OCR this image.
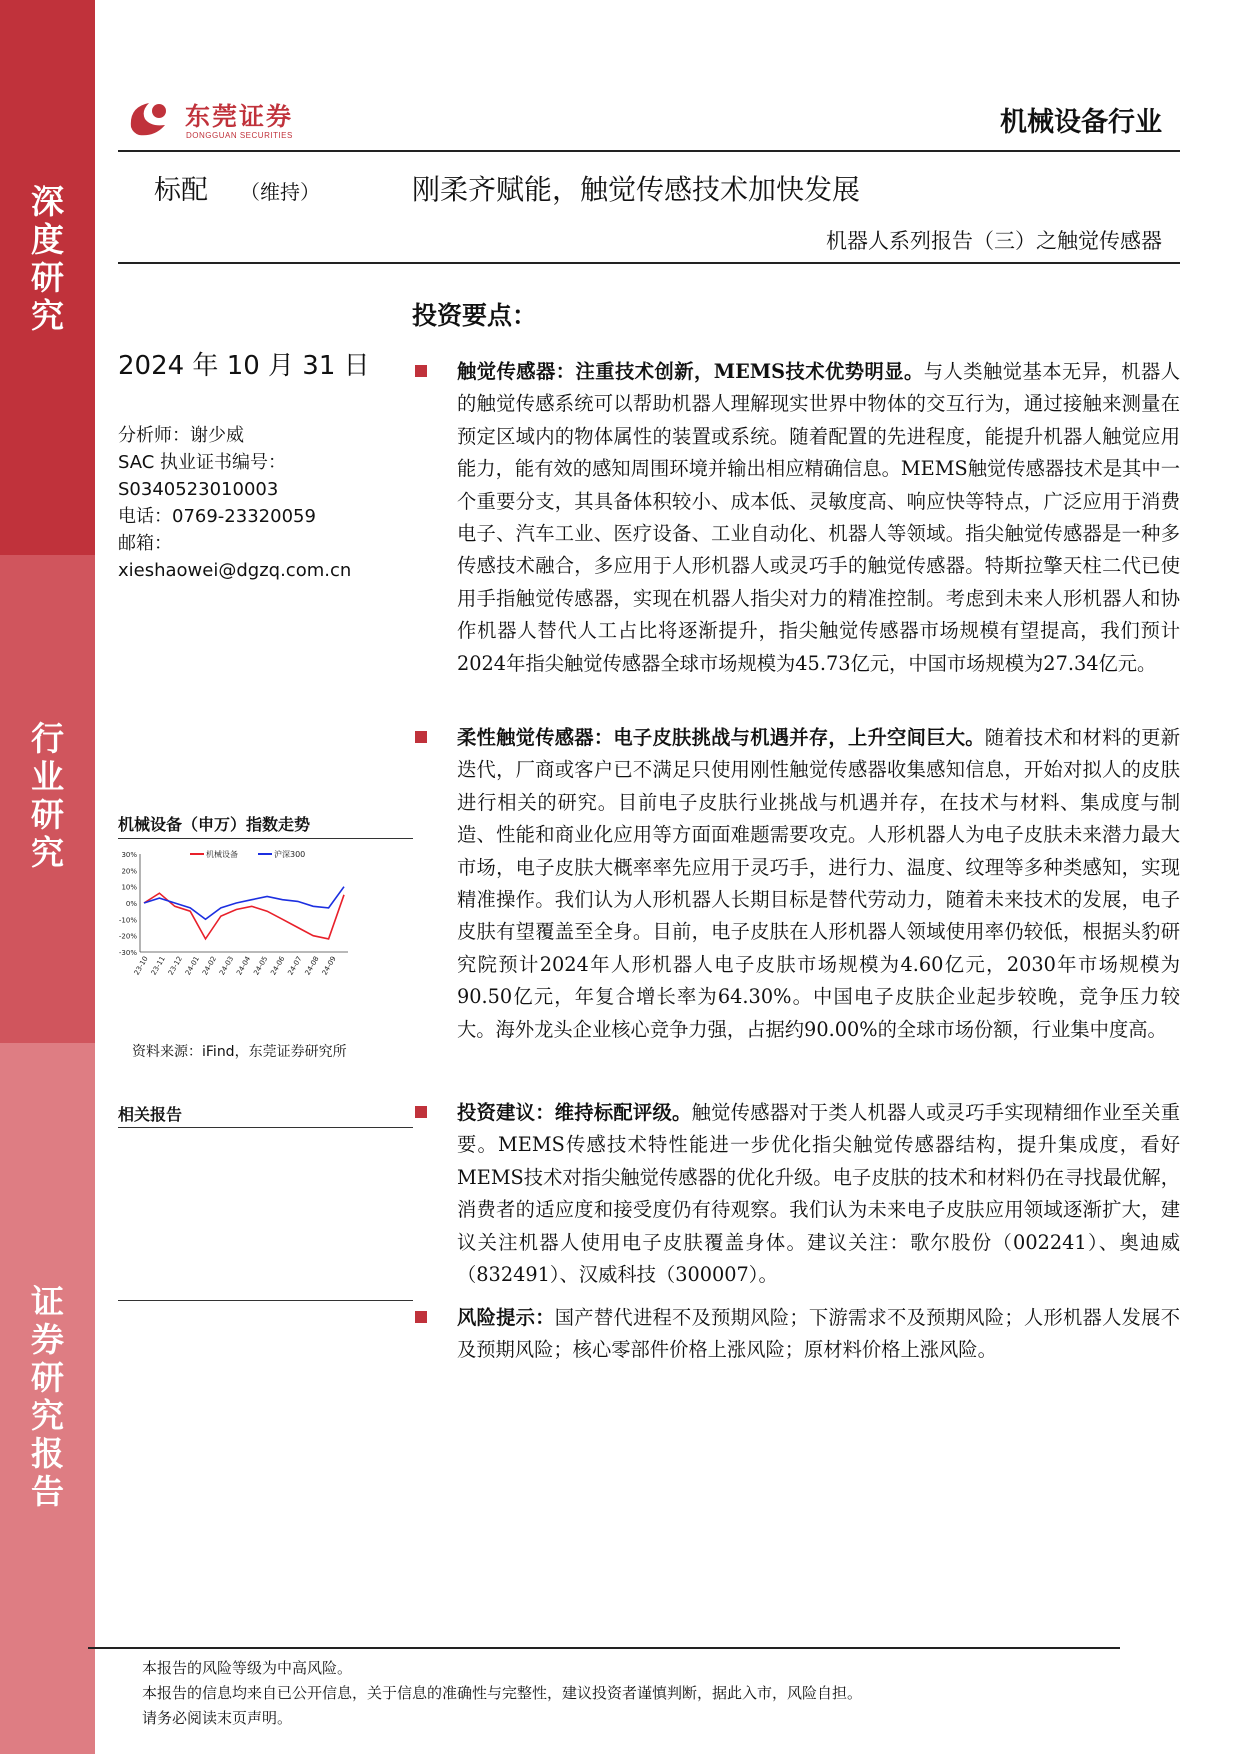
深度研究
行业研究
证券研究报告
东莞证券
DONGGUAN SECURITIES	机械设备行业
标配 （维持）	刚柔齐赋能，触觉传感技术加快发展
机器人系列报告（三）之触觉传感器
2024 年 10 月 31 日
分析师：谢少威
SAC 执业证书编号：
S0340523010003
电话：0769-23320059
邮箱：
xieshaowei@dgzq.com.cn
机械设备（申万）指数走势
30%
20%
10%
0%
-10%
-20%
-30%
23-10 23-11 23-12 24-01 24-02 24-03 24-04 24-05 24-06 24-07 24-08 24-09
机械设备	沪深300
资料来源：iFind，东莞证券研究所
相关报告
投资要点：
触觉传感器：注重技术创新，MEMS技术优势明显。与人类触觉基本无异，机器人的触觉传感系统可以帮助机器人理解现实世界中物体的交互行为，通过接触来测量在预定区域内的物体属性的装置或系统。随着配置的先进程度，能提升机器人触觉应用能力，能有效的感知周围环境并输出相应精确信息。MEMS触觉传感器技术是其中一个重要分支，其具备体积较小、成本低、灵敏度高、响应快等特点，广泛应用于消费电子、汽车工业、医疗设备、工业自动化、机器人等领域。指尖触觉传感器是一种多传感技术融合，多应用于人形机器人或灵巧手的触觉传感器。特斯拉擎天柱二代已使用手指触觉传感器，实现在机器人指尖对力的精准控制。考虑到未来人形机器人和协作机器人替代人工占比将逐渐提升，指尖触觉传感器市场规模有望提高，我们预计2024年指尖触觉传感器全球市场规模为45.73亿元，中国市场规模为27.34亿元。
柔性触觉传感器：电子皮肤挑战与机遇并存，上升空间巨大。随着技术和材料的更新迭代，厂商或客户已不满足只使用刚性触觉传感器收集感知信息，开始对拟人的皮肤进行相关的研究。目前电子皮肤行业挑战与机遇并存，在技术与材料、集成度与制造、性能和商业化应用等方面面难题需要攻克。人形机器人为电子皮肤未来潜力最大市场，电子皮肤大概率率先应用于灵巧手，进行力、温度、纹理等多种类感知，实现精准操作。我们认为人形机器人长期目标是替代劳动力，随着未来技术的发展，电子皮肤有望覆盖至全身。目前，电子皮肤在人形机器人领域使用率仍较低，根据头豹研究院预计2024年人形机器人电子皮肤市场规模为4.60亿元，2030年市场规模为90.50亿元，年复合增长率为64.30%。中国电子皮肤企业起步较晚，竞争压力较大。海外龙头企业核心竞争力强，占据约90.00%的全球市场份额，行业集中度高。
投资建议：维持标配评级。触觉传感器对于类人机器人或灵巧手实现精细作业至关重要。MEMS传感技术特性能进一步优化指尖触觉传感器结构，提升集成度，看好MEMS技术对指尖触觉传感器的优化升级。电子皮肤的技术和材料仍在寻找最优解，消费者的适应度和接受度仍有待观察。我们认为未来电子皮肤应用领域逐渐扩大，建议关注机器人使用电子皮肤覆盖身体。建议关注：歌尔股份（002241）、奥迪威（832491）、汉威科技（300007）。
风险提示：国产替代进程不及预期风险；下游需求不及预期风险；人形机器人发展不及预期风险；核心零部件价格上涨风险；原材料价格上涨风险。
本报告的风险等级为中高风险。
本报告的信息均来自已公开信息，关于信息的准确性与完整性，建议投资者谨慎判断，据此入市，风险自担。
请务必阅读末页声明。
